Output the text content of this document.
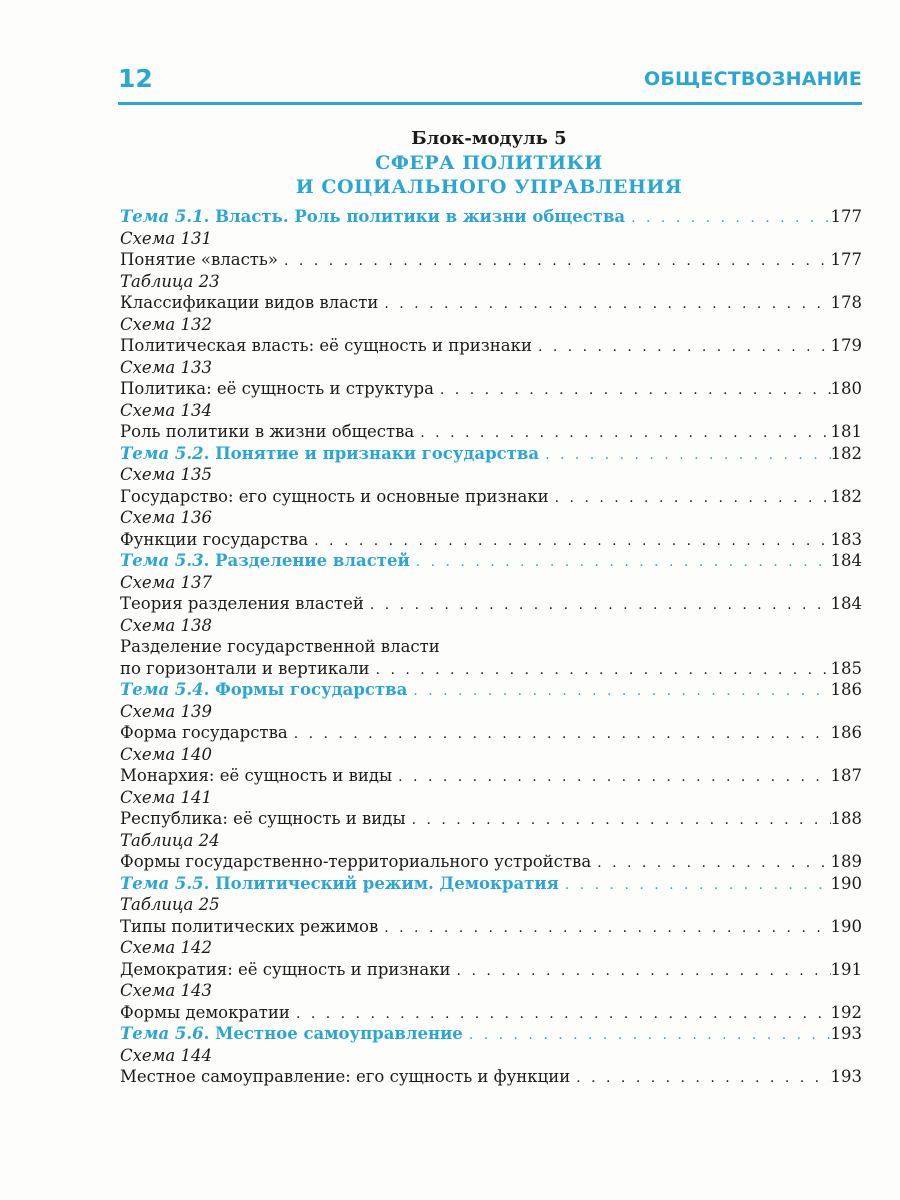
12	ОБЩЕСТВОЗНАНИЕ
Блок-модуль 5
СФЕРА ПОЛИТИКИ
И СОЦИАЛЬНОГО УПРАВЛЕНИЯ
Тема 5.1. Власть. Роль политики в жизни общества . . .	177
Схема 131
Понятие «власть» . . .	177
Таблица 23
Классификации видов власти . . .	178
Схема 132
Политическая власть: её сущность и признаки . . .	179
Схема 133
Политика: её сущность и структура . . .	180
Схема 134
Роль политики в жизни общества . . .	181
Тема 5.2. Понятие и признаки государства . . .	182
Схема 135
Государство: его сущность и основные признаки . . .	182
Схема 136
Функции государства . . .	183
Тема 5.3. Разделение властей . . .	184
Схема 137
Теория разделения властей . . .	184
Схема 138
Разделение государственной власти
по горизонтали и вертикали . . .	185
Тема 5.4. Формы государства . . .	186
Схема 139
Форма государства . . .	186
Схема 140
Монархия: её сущность и виды . . .	187
Схема 141
Республика: её сущность и виды . . .	188
Таблица 24
Формы государственно-территориального устройства . . .	189
Тема 5.5. Политический режим. Демократия . . .	190
Таблица 25
Типы политических режимов . . .	190
Схема 142
Демократия: её сущность и признаки . . .	191
Схема 143
Формы демократии . . .	192
Тема 5.6. Местное самоуправление . . .	193
Схема 144
Местное самоуправление: его сущность и функции . . .	193
